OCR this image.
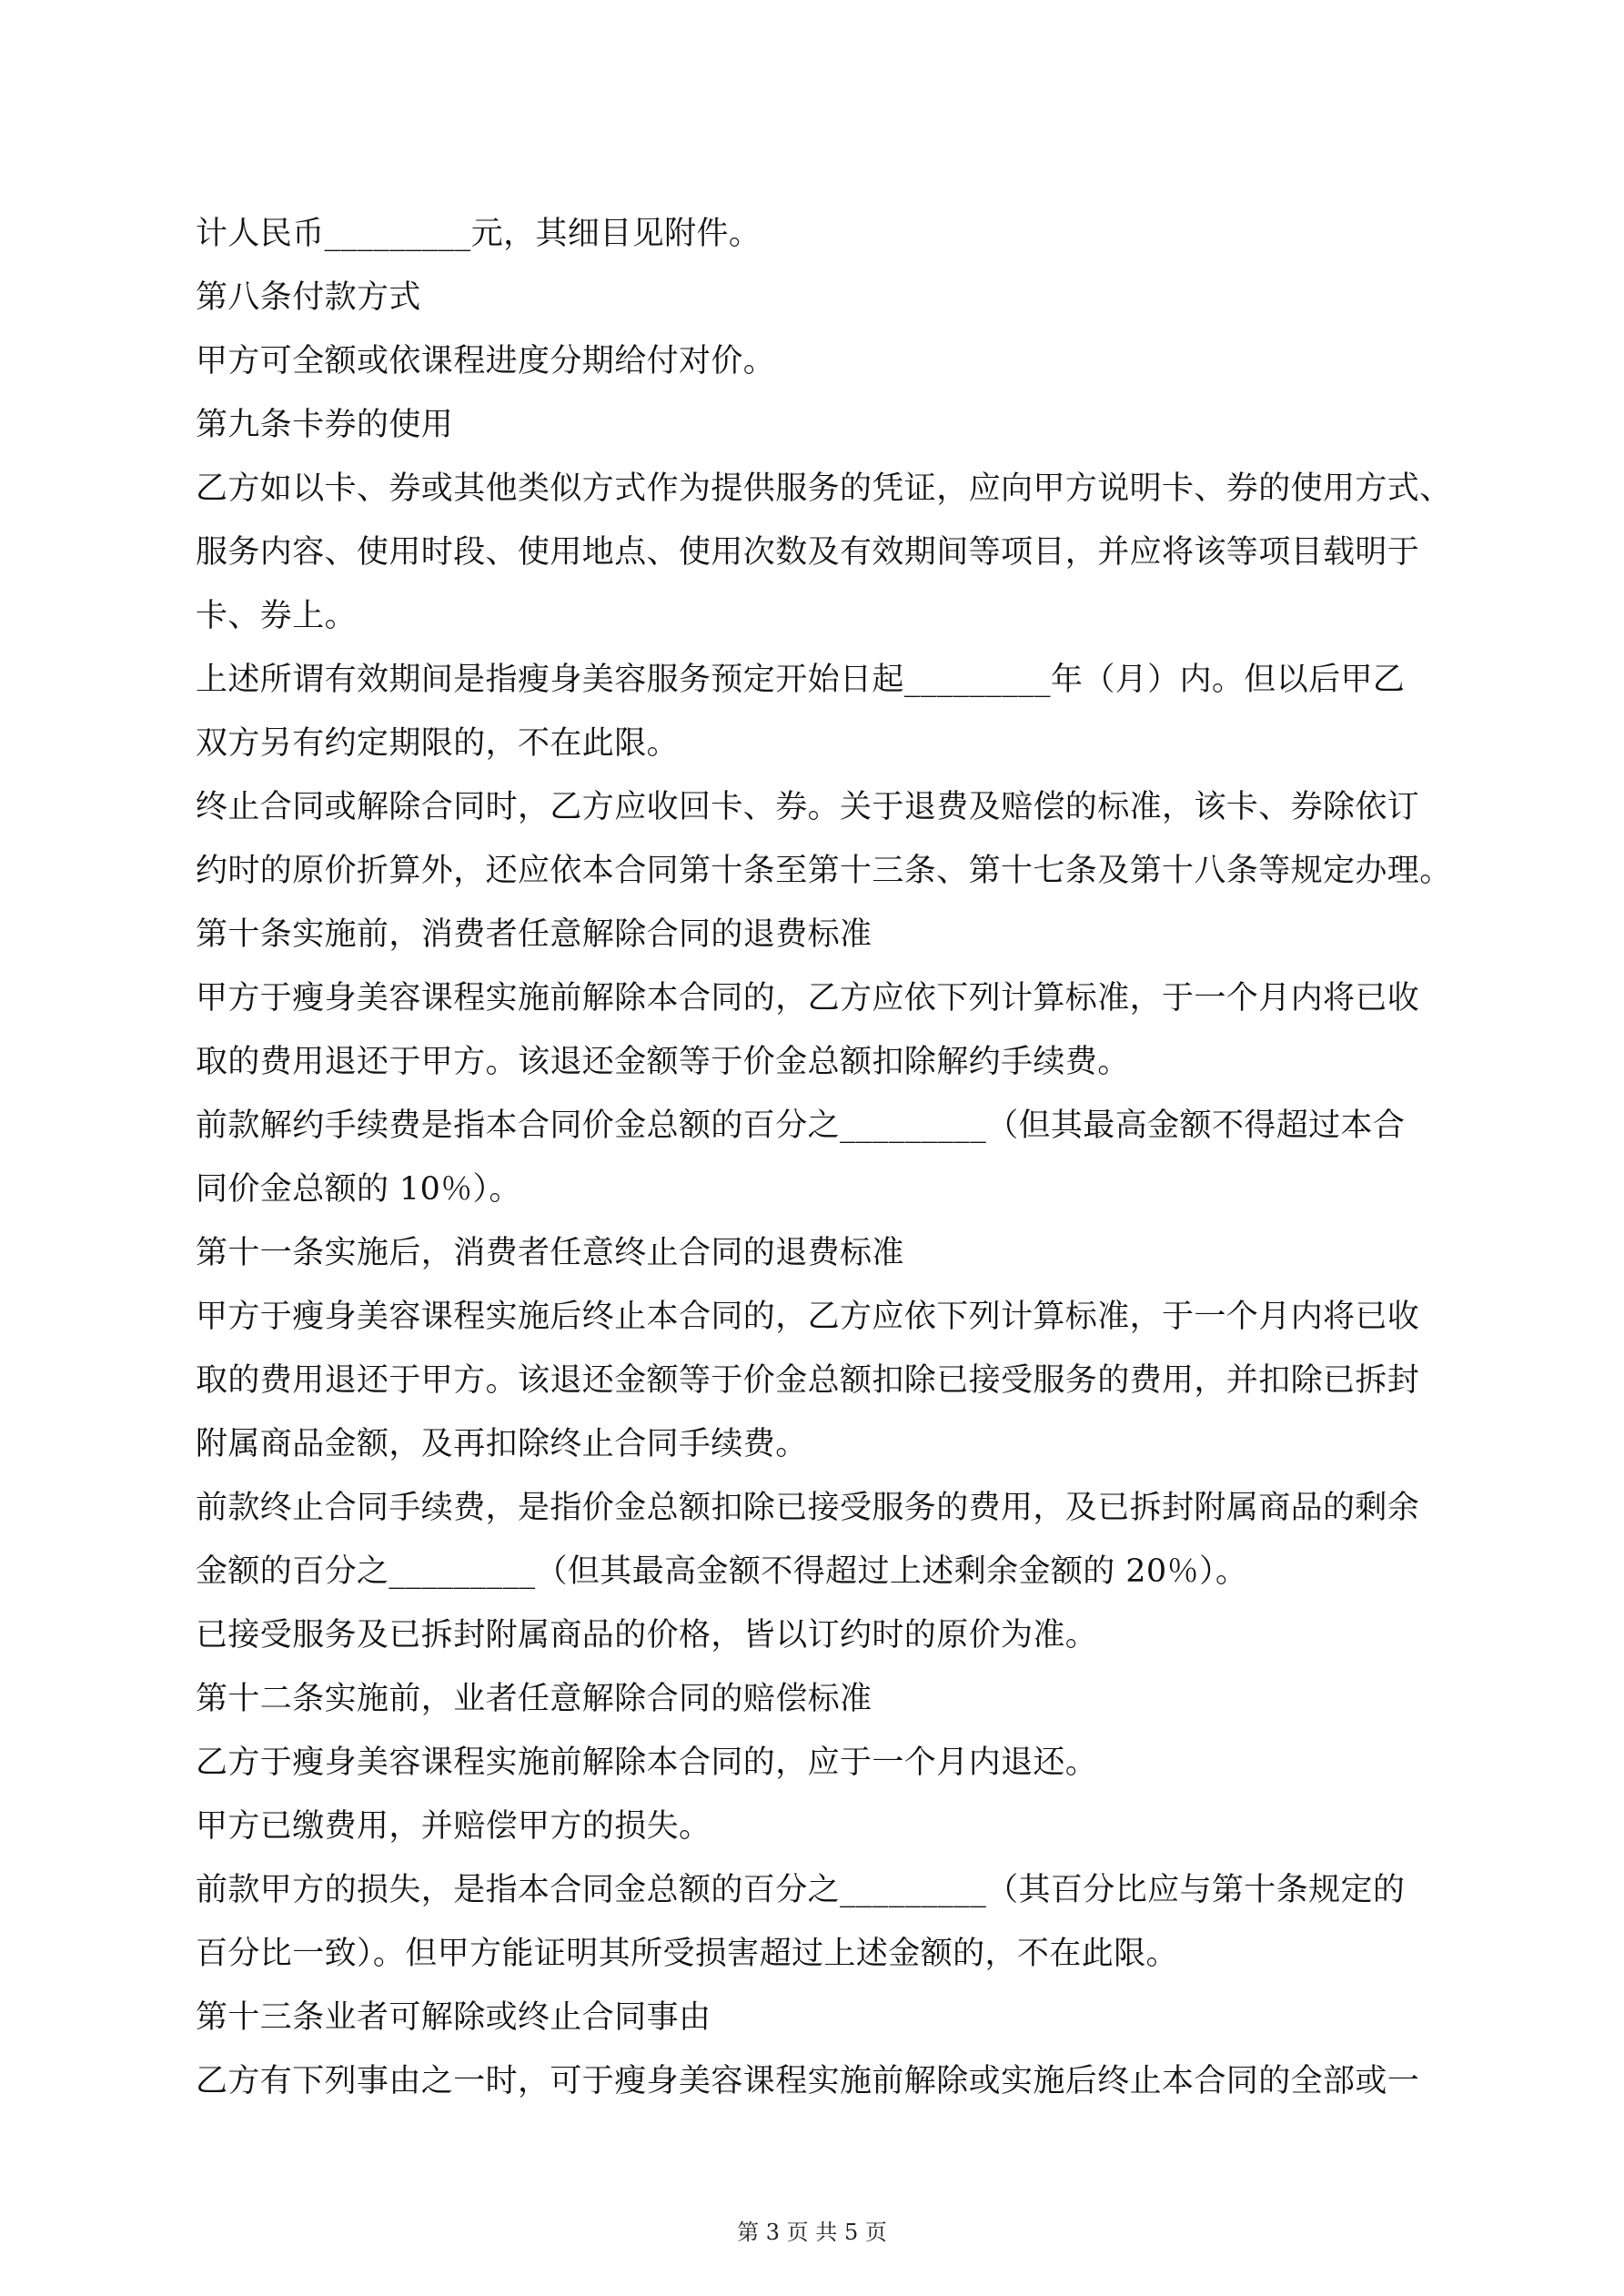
计人民币_________元，其细目见附件。
第八条付款方式
甲方可全额或依课程进度分期给付对价。
第九条卡券的使用
乙方如以卡、券或其他类似方式作为提供服务的凭证，应向甲方说明卡、券的使用方式、
服务内容、使用时段、使用地点、使用次数及有效期间等项目，并应将该等项目载明于
卡、券上。
上述所谓有效期间是指瘦身美容服务预定开始日起_________年（月）内。但以后甲乙
双方另有约定期限的，不在此限。
终止合同或解除合同时，乙方应收回卡、券。关于退费及赔偿的标准，该卡、券除依订
约时的原价折算外，还应依本合同第十条至第十三条、第十七条及第十八条等规定办理。
第十条实施前，消费者任意解除合同的退费标准
甲方于瘦身美容课程实施前解除本合同的，乙方应依下列计算标准，于一个月内将已收
取的费用退还于甲方。该退还金额等于价金总额扣除解约手续费。
前款解约手续费是指本合同价金总额的百分之_________（但其最高金额不得超过本合
同价金总额的 10％）。
第十一条实施后，消费者任意终止合同的退费标准
甲方于瘦身美容课程实施后终止本合同的，乙方应依下列计算标准，于一个月内将已收
取的费用退还于甲方。该退还金额等于价金总额扣除已接受服务的费用，并扣除已拆封
附属商品金额，及再扣除终止合同手续费。
前款终止合同手续费，是指价金总额扣除已接受服务的费用，及已拆封附属商品的剩余
金额的百分之_________（但其最高金额不得超过上述剩余金额的 20％）。
已接受服务及已拆封附属商品的价格，皆以订约时的原价为准。
第十二条实施前，业者任意解除合同的赔偿标准
乙方于瘦身美容课程实施前解除本合同的，应于一个月内退还。
甲方已缴费用，并赔偿甲方的损失。
前款甲方的损失，是指本合同金总额的百分之_________（其百分比应与第十条规定的
百分比一致）。但甲方能证明其所受损害超过上述金额的，不在此限。
第十三条业者可解除或终止合同事由
乙方有下列事由之一时，可于瘦身美容课程实施前解除或实施后终止本合同的全部或一
第 3 页 共 5 页
